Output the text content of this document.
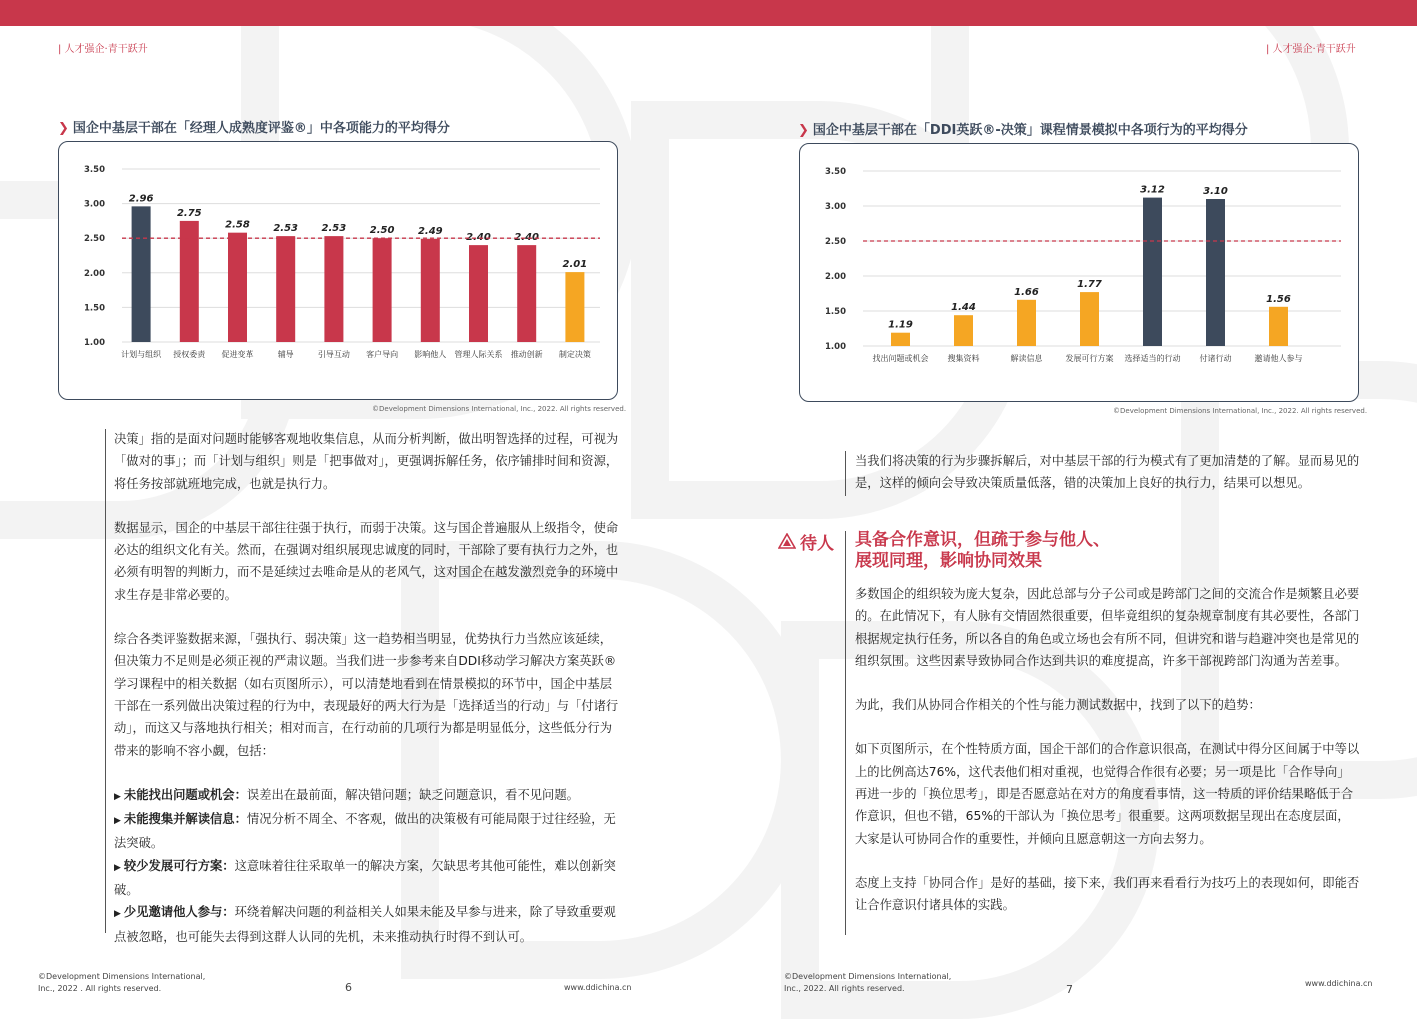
| 人才强企·青干跃升	| 人才强企·青干跃升
❯ 国企中基层干部在「经理人成熟度评鉴®」中各项能力的平均得分
1.00
1.50
2.00
2.50
3.00
3.50
2.96
计划与组织
2.75
授权委责
2.58
促进变革
2.53
辅导
2.53
引导互动
2.50
客户导向
2.49
影响他人
2.40
管理人际关系
2.40
推动创新
2.01
制定决策
©Development Dimensions International, Inc., 2022. All rights reserved.
❯ 国企中基层干部在「DDI英跃®-决策」课程情景模拟中各项行为的平均得分
1.00
1.50
2.00
2.50
3.00
3.50
1.19
找出问题或机会
1.44
搜集资料
1.66
解读信息
1.77
发展可行方案
3.12
选择适当的行动
3.10
付诸行动
1.56
邀请他人参与
©Development Dimensions International, Inc., 2022. All rights reserved.

决策」指的是面对问题时能够客观地收集信息，从而分析判断，做出明智选择的过程，可视为「做对的事」；而「计划与组织」则是「把事做对」，更强调拆解任务，依序铺排时间和资源，将任务按部就班地完成，也就是执行力。

数据显示，国企的中基层干部往往强于执行，而弱于决策。这与国企普遍服从上级指令，使命必达的组织文化有关。然而，在强调对组织展现忠诚度的同时，干部除了要有执行力之外，也必须有明智的判断力，而不是延续过去唯命是从的老风气，这对国企在越发激烈竞争的环境中求生存是非常必要的。

综合各类评鉴数据来源，「强执行、弱决策」这一趋势相当明显，优势执行力当然应该延续，但决策力不足则是必须正视的严肃议题。当我们进一步参考来自DDI移动学习解决方案英跃®学习课程中的相关数据（如右页图所示），可以清楚地看到在情景模拟的环节中，国企中基层干部在一系列做出决策过程的行为中，表现最好的两大行为是「选择适当的行动」与「付诸行动」，而这又与落地执行相关；相对而言，在行动前的几项行为都是明显低分，这些低分行为带来的影响不容小觑，包括：

▶ 未能找出问题或机会：误差出在最前面，解决错问题；缺乏问题意识，看不见问题。
▶ 未能搜集并解读信息：情况分析不周全、不客观，做出的决策极有可能局限于过往经验，无法突破。
▶ 较少发展可行方案：这意味着往往采取单一的解决方案，欠缺思考其他可能性，难以创新突破。
▶ 少见邀请他人参与：环绕着解决问题的利益相关人如果未能及早参与进来，除了导致重要观点被忽略，也可能失去得到这群人认同的先机，未来推动执行时得不到认可。

当我们将决策的行为步骤拆解后，对中基层干部的行为模式有了更加清楚的了解。显而易见的是，这样的倾向会导致决策质量低落，错的决策加上良好的执行力，结果可以想见。

待人 具备合作意识，但疏于参与他人、
展现同理，影响协同效果

多数国企的组织较为庞大复杂，因此总部与分子公司或是跨部门之间的交流合作是频繁且必要的。在此情况下，有人脉有交情固然很重要，但毕竟组织的复杂规章制度有其必要性，各部门根据规定执行任务，所以各自的角色或立场也会有所不同，但讲究和谐与趋避冲突也是常见的组织氛围。这些因素导致协同合作达到共识的难度提高，许多干部视跨部门沟通为苦差事。

为此，我们从协同合作相关的个性与能力测试数据中，找到了以下的趋势：

如下页图所示，在个性特质方面，国企干部们的合作意识很高，在测试中得分区间属于中等以上的比例高达76%，这代表他们相对重视，也觉得合作很有必要；另一项是比「合作导向」再进一步的「换位思考」，即是否愿意站在对方的角度看事情，这一特质的评价结果略低于合作意识，但也不错，65%的干部认为「换位思考」很重要。这两项数据呈现出在态度层面，大家是认可协同合作的重要性，并倾向且愿意朝这一方向去努力。

态度上支持「协同合作」是好的基础，接下来，我们再来看看行为技巧上的表现如何，即能否让合作意识付诸具体的实践。

©Development Dimensions International,
Inc., 2022 . All rights reserved.	6	www.ddichina.cn
©Development Dimensions International,
Inc., 2022. All rights reserved.	7	www.ddichina.cn
